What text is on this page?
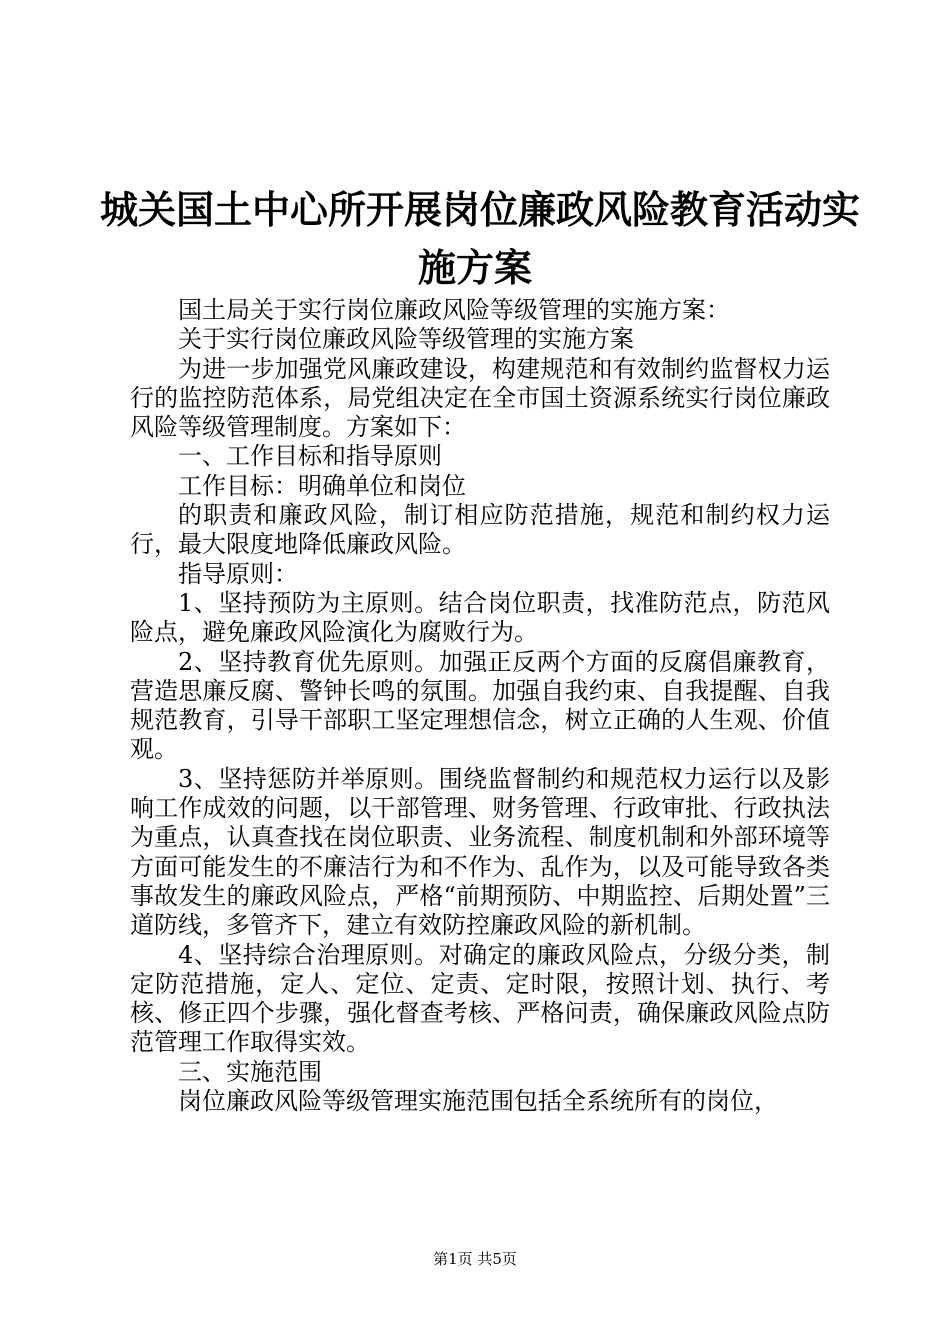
城关国土中心所开展岗位廉政风险教育活动实
施方案

国土局关于实行岗位廉政风险等级管理的实施方案：

关于实行岗位廉政风险等级管理的实施方案

为进一步加强党风廉政建设，构建规范和有效制约监督权力运行的监控防范体系，局党组决定在全市国土资源系统实行岗位廉政风险等级管理制度。方案如下：

一、工作目标和指导原则

工作目标：明确单位和岗位

的职责和廉政风险，制订相应防范措施，规范和制约权力运行，最大限度地降低廉政风险。

指导原则：

1、坚持预防为主原则。结合岗位职责，找准防范点，防范风险点，避免廉政风险演化为腐败行为。

2、坚持教育优先原则。加强正反两个方面的反腐倡廉教育，营造思廉反腐、警钟长鸣的氛围。加强自我约束、自我提醒、自我规范教育，引导干部职工坚定理想信念，树立正确的人生观、价值观。

3、坚持惩防并举原则。围绕监督制约和规范权力运行以及影响工作成效的问题，以干部管理、财务管理、行政审批、行政执法为重点，认真查找在岗位职责、业务流程、制度机制和外部环境等方面可能发生的不廉洁行为和不作为、乱作为，以及可能导致各类事故发生的廉政风险点，严格“前期预防、中期监控、后期处置”三道防线，多管齐下，建立有效防控廉政风险的新机制。

4、坚持综合治理原则。对确定的廉政风险点，分级分类，制定防范措施，定人、定位、定责、定时限，按照计划、执行、考核、修正四个步骤，强化督查考核、严格问责，确保廉政风险点防范管理工作取得实效。

三、实施范围

岗位廉政风险等级管理实施范围包括全系统所有的岗位，

第1页 共5页
